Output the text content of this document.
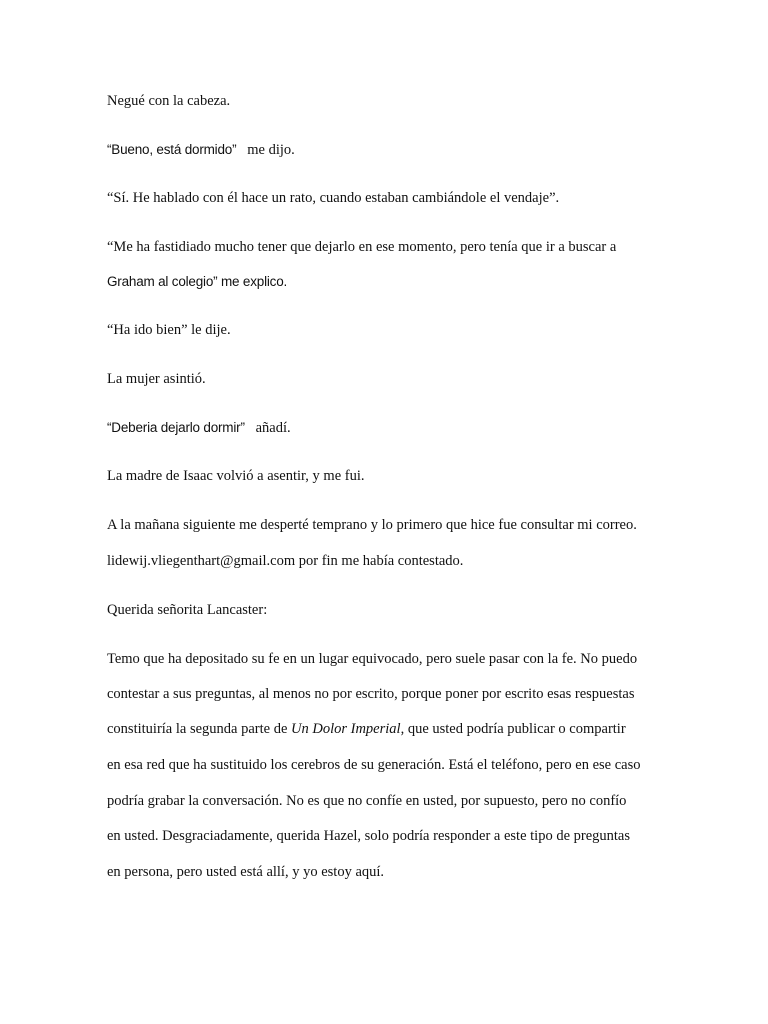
Negué con la cabeza.
“Bueno, está dormido” me dijo.
“Sí. He hablado con él hace un rato, cuando estaban cambiándole el vendaje”.
“Me ha fastidiado mucho tener que dejarlo en ese momento, pero tenía que ir a buscar a
Graham al colegio” me explico.
“Ha ido bien” le dije.
La mujer asintió.
“Deberia dejarlo dormir” añadí.
La madre de Isaac volvió a asentir, y me fui.
A la mañana siguiente me desperté temprano y lo primero que hice fue consultar mi correo.
lidewij.vliegenthart@gmail.com por fin me había contestado.
Querida señorita Lancaster:
Temo que ha depositado su fe en un lugar equivocado, pero suele pasar con la fe. No puedo
contestar a sus preguntas, al menos no por escrito, porque poner por escrito esas respuestas
constituiría la segunda parte de Un Dolor Imperial, que usted podría publicar o compartir
en esa red que ha sustituido los cerebros de su generación. Está el teléfono, pero en ese caso
podría grabar la conversación. No es que no confíe en usted, por supuesto, pero no confío
en usted. Desgraciadamente, querida Hazel, solo podría responder a este tipo de preguntas
en persona, pero usted está allí, y yo estoy aquí.
